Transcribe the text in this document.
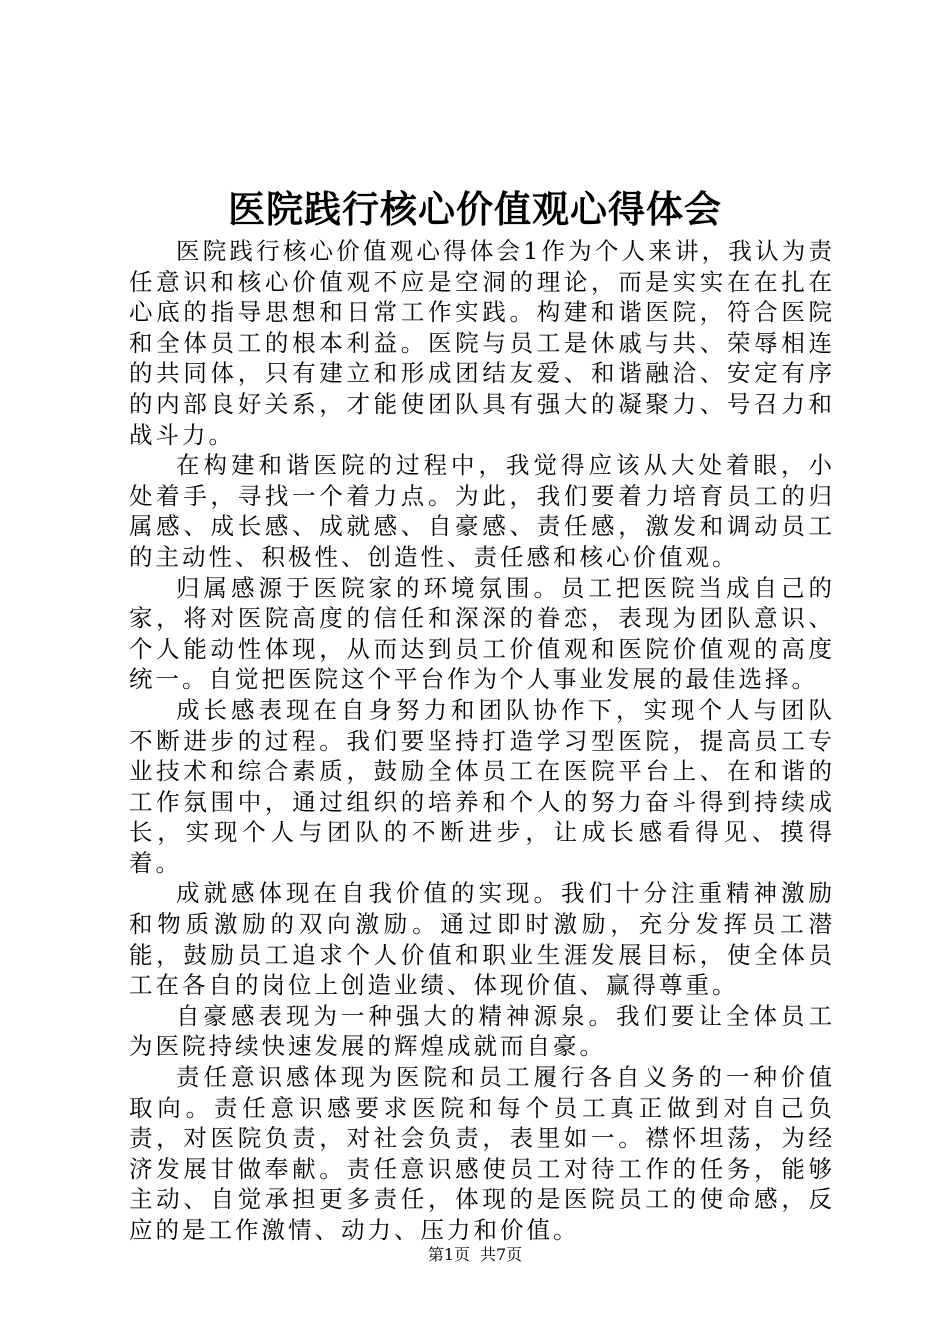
医院践行核心价值观心得体会

医院践行核心价值观心得体会1作为个人来讲，我认为责任意识和核心价值观不应是空洞的理论，而是实实在在扎在心底的指导思想和日常工作实践。构建和谐医院，符合医院和全体员工的根本利益。医院与员工是休戚与共、荣辱相连的共同体，只有建立和形成团结友爱、和谐融洽、安定有序的内部良好关系，才能使团队具有强大的凝聚力、号召力和战斗力。

在构建和谐医院的过程中，我觉得应该从大处着眼，小处着手，寻找一个着力点。为此，我们要着力培育员工的归属感、成长感、成就感、自豪感、责任感，激发和调动员工的主动性、积极性、创造性、责任感和核心价值观。

归属感源于医院家的环境氛围。员工把医院当成自己的家，将对医院高度的信任和深深的眷恋，表现为团队意识、个人能动性体现，从而达到员工价值观和医院价值观的高度统一。自觉把医院这个平台作为个人事业发展的最佳选择。

成长感表现在自身努力和团队协作下，实现个人与团队不断进步的过程。我们要坚持打造学习型医院，提高员工专业技术和综合素质，鼓励全体员工在医院平台上、在和谐的工作氛围中，通过组织的培养和个人的努力奋斗得到持续成长，实现个人与团队的不断进步，让成长感看得见、摸得着。

成就感体现在自我价值的实现。我们十分注重精神激励和物质激励的双向激励。通过即时激励，充分发挥员工潜能，鼓励员工追求个人价值和职业生涯发展目标，使全体员工在各自的岗位上创造业绩、体现价值、赢得尊重。

自豪感表现为一种强大的精神源泉。我们要让全体员工为医院持续快速发展的辉煌成就而自豪。

责任意识感体现为医院和员工履行各自义务的一种价值取向。责任意识感要求医院和每个员工真正做到对自己负责，对医院负责，对社会负责，表里如一。襟怀坦荡，为经济发展甘做奉献。责任意识感使员工对待工作的任务，能够主动、自觉承担更多责任，体现的是医院员工的使命感，反应的是工作激情、动力、压力和价值。

第1页 共7页
